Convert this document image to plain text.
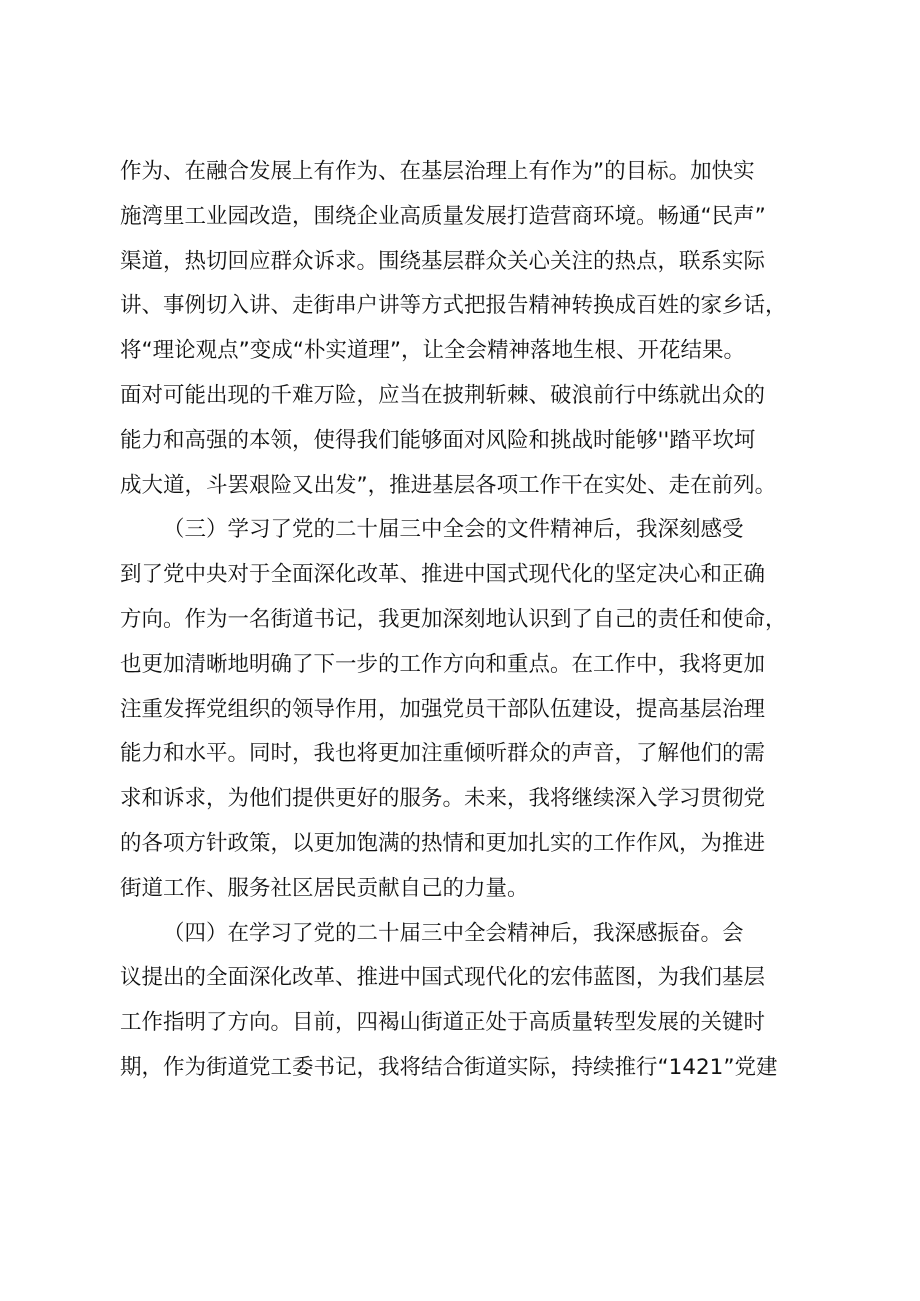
作为、在融合发展上有作为、在基层治理上有作为”的目标。加快实
施湾里工业园改造，围绕企业高质量发展打造营商环境。畅通“民声”
渠道，热切回应群众诉求。围绕基层群众关心关注的热点，联系实际
讲、事例切入讲、走街串户讲等方式把报告精神转换成百姓的家乡话，
将“理论观点”变成“朴实道理”，让全会精神落地生根、开花结果。
面对可能出现的千难万险，应当在披荆斩棘、破浪前行中练就出众的
能力和高强的本领，使得我们能够面对风险和挑战时能够''踏平坎坷
成大道，斗罢艰险又出发”，推进基层各项工作干在实处、走在前列。
（三）学习了党的二十届三中全会的文件精神后，我深刻感受
到了党中央对于全面深化改革、推进中国式现代化的坚定决心和正确
方向。作为一名街道书记，我更加深刻地认识到了自己的责任和使命，
也更加清晰地明确了下一步的工作方向和重点。在工作中，我将更加
注重发挥党组织的领导作用，加强党员干部队伍建设，提高基层治理
能力和水平。同时，我也将更加注重倾听群众的声音，了解他们的需
求和诉求，为他们提供更好的服务。未来，我将继续深入学习贯彻党
的各项方针政策，以更加饱满的热情和更加扎实的工作作风，为推进
街道工作、服务社区居民贡献自己的力量。
（四）在学习了党的二十届三中全会精神后，我深感振奋。会
议提出的全面深化改革、推进中国式现代化的宏伟蓝图，为我们基层
工作指明了方向。目前，四褐山街道正处于高质量转型发展的关键时
期，作为街道党工委书记，我将结合街道实际，持续推行“1421”党建
